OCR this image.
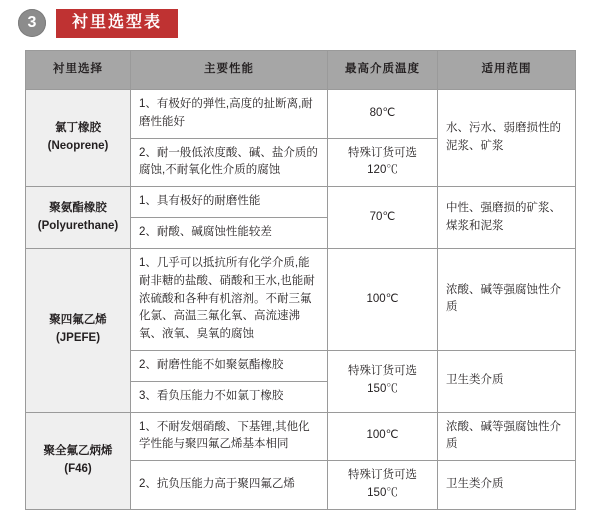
3	衬里选型表
衬里选择	主要性能	最高介质温度	适用范围
氯丁橡胶
(Neoprene)	1、有极好的弹性,高度的扯断离,耐磨性能好	80℃	水、污水、弱磨损性的泥浆、矿浆
	2、耐一般低浓度酸、碱、盐介质的腐蚀,不耐氧化性介质的腐蚀	特殊订货可选120℃	
聚氨酯橡胶
(Polyurethane)	1、具有极好的耐磨性能	70℃	中性、强磨损的矿浆、煤浆和泥浆
	2、耐酸、碱腐蚀性能较差		
聚四氟乙烯
(JPEFE)	1、几乎可以抵抗所有化学介质,能耐非糖的盐酸、硝酸和王水,也能耐浓硫酸和各种有机溶剂。不耐三氟化氯、高温三氟化氧、高流速沸氧、液氧、臭氧的腐蚀	100℃	浓酸、碱等强腐蚀性介质
	2、耐磨性能不如聚氨酯橡胶	特殊订货可选150℃	卫生类介质
	3、看负压能力不如氯丁橡胶		
聚全氟乙炳烯
(F46)	1、不耐发烟硝酸、下基锂,其他化学性能与聚四氟乙烯基本相同	100℃	浓酸、碱等强腐蚀性介质
	2、抗负压能力高于聚四氟乙烯	特殊订货可选150℃	卫生类介质
